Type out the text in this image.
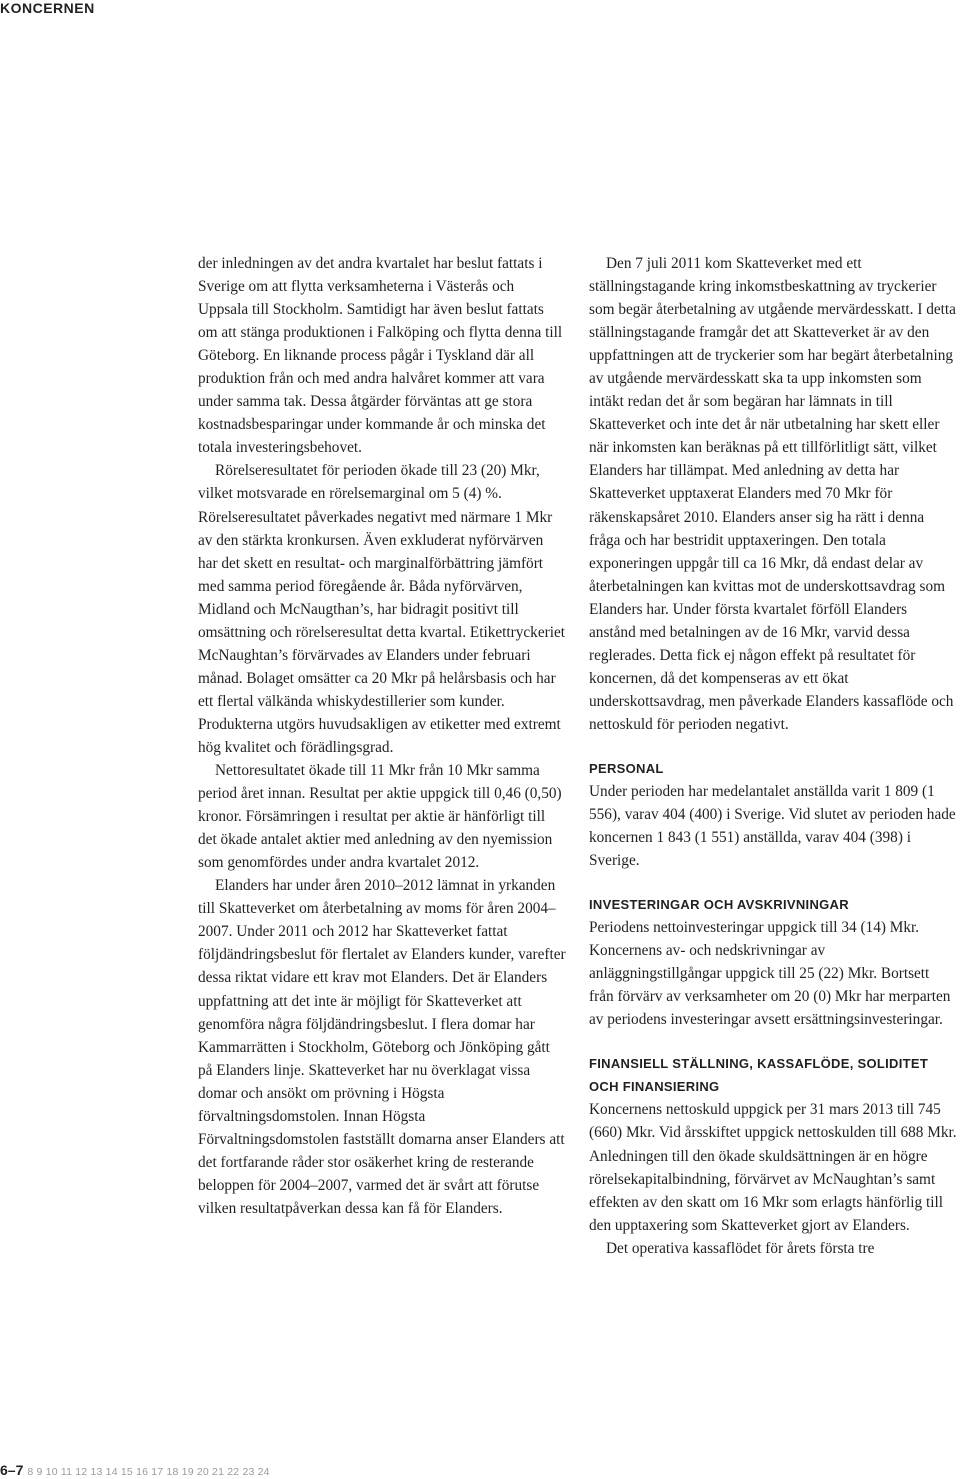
KONCERNEN

der inledningen av det andra kvartalet har beslut fattats i Sverige om att flytta verksamheterna i Västerås och Uppsala till Stockholm. Samtidigt har även beslut fattats om att stänga produktionen i Falköping och flytta denna till Göteborg. En liknande process pågår i Tyskland där all produktion från och med andra halvåret kommer att vara under samma tak. Dessa åtgärder förväntas att ge stora kostnadsbesparingar under kommande år och minska det totala investeringsbehovet.

Rörelseresultatet för perioden ökade till 23 (20) Mkr, vilket motsvarade en rörelsemarginal om 5 (4) %. Rörelseresultatet påverkades negativt med närmare 1 Mkr av den stärkta kronkursen. Även exkluderat nyförvärven har det skett en resultat- och marginalförbättring jämfört med samma period föregående år. Båda nyförvärven, Midland och McNaugthan’s, har bidragit positivt till omsättning och rörelseresultat detta kvartal. Etikettryckeriet McNaughtan’s förvärvades av Elanders under februari månad. Bolaget omsätter ca 20 Mkr på helårsbasis och har ett flertal välkända whiskydestillerier som kunder. Produkterna utgörs huvudsakligen av etiketter med extremt hög kvalitet och förädlingsgrad.

Nettoresultatet ökade till 11 Mkr från 10 Mkr samma period året innan. Resultat per aktie uppgick till 0,46 (0,50) kronor. Försämringen i resultat per aktie är hänförligt till det ökade antalet aktier med anledning av den nyemission som genomfördes under andra kvartalet 2012.

Elanders har under åren 2010–2012 lämnat in yrkanden till Skatteverket om återbetalning av moms för åren 2004–2007. Under 2011 och 2012 har Skatteverket fattat följdändringsbeslut för flertalet av Elanders kunder, varefter dessa riktat vidare ett krav mot Elanders. Det är Elanders uppfattning att det inte är möjligt för Skatteverket att genomföra några följdändringsbeslut. I flera domar har Kammarrätten i Stockholm, Göteborg och Jönköping gått på Elanders linje. Skatteverket har nu överklagat vissa domar och ansökt om prövning i Högsta förvaltningsdomstolen. Innan Högsta Förvaltningsdomstolen fastställt domarna anser Elanders att det fortfarande råder stor osäkerhet kring de resterande beloppen för 2004–2007, varmed det är svårt att förutse vilken resultatpåverkan dessa kan få för Elanders.

Den 7 juli 2011 kom Skatteverket med ett ställningstagande kring inkomstbeskattning av tryckerier som begär återbetalning av utgående mervärdesskatt. I detta ställningstagande framgår det att Skatteverket är av den uppfattningen att de tryckerier som har begärt återbetalning av utgående mervärdesskatt ska ta upp inkomsten som intäkt redan det år som begäran har lämnats in till Skatteverket och inte det år när utbetalning har skett eller när inkomsten kan beräknas på ett tillförlitligt sätt, vilket Elanders har tillämpat. Med anledning av detta har Skatteverket upptaxerat Elanders med 70 Mkr för räkenskapsåret 2010. Elanders anser sig ha rätt i denna fråga och har bestridit upptaxeringen. Den totala exponeringen uppgår till ca 16 Mkr, då endast delar av återbetalningen kan kvittas mot de underskottsavdrag som Elanders har. Under första kvartalet förföll Elanders anstånd med betalningen av de 16 Mkr, varvid dessa reglerades. Detta fick ej någon effekt på resultatet för koncernen, då det kompenseras av ett ökat underskottsavdrag, men påverkade Elanders kassaflöde och nettoskuld för perioden negativt.

PERSONAL

Under perioden har medelantalet anställda varit 1 809 (1 556), varav 404 (400) i Sverige. Vid slutet av perioden hade koncernen 1 843 (1 551) anställda, varav 404 (398) i Sverige.

INVESTERINGAR OCH AVSKRIVNINGAR

Periodens nettoinvesteringar uppgick till 34 (14) Mkr. Koncernens av- och nedskrivningar av anläggningstillgångar uppgick till 25 (22) Mkr. Bortsett från förvärv av verksamheter om 20 (0) Mkr har merparten av periodens investeringar avsett ersättningsinvesteringar.

FINANSIELL STÄLLNING, KASSAFLÖDE, SOLIDITET OCH FINANSIERING

Koncernens nettoskuld uppgick per 31 mars 2013 till 745 (660) Mkr. Vid årsskiftet uppgick nettoskulden till 688 Mkr. Anledningen till den ökade skuldsättningen är en högre rörelsekapitalbindning, förvärvet av McNaughtan’s samt effekten av den skatt om 16 Mkr som erlagts hänförlig till den upptaxering som Skatteverket gjort av Elanders.

Det operativa kassaflödet för årets första tre

6–7 8 9 10 11 12 13 14 15 16 17 18 19 20 21 22 23 24
